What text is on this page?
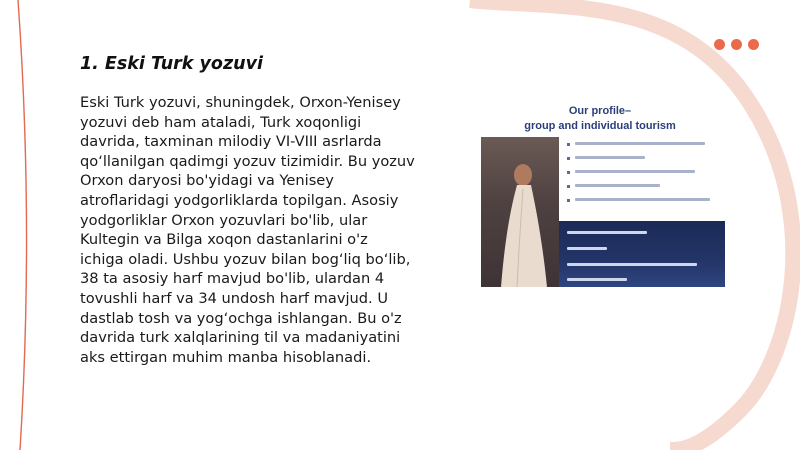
1. Eski Turk yozuvi

Eski Turk yozuvi, shuningdek, Orxon-Yenisey
yozuvi deb ham ataladi, Turk xoqonligi
davrida, taxminan milodiy VI-VIII asrlarda
qo‘llanilgan qadimgi yozuv tizimidir. Bu yozuv
Orxon daryosi bo'yidagi va Yenisey
atroflaridagi yodgorliklarda topilgan. Asosiy
yodgorliklar Orxon yozuvlari bo'lib, ular
Kultegin va Bilga xoqon dastanlarini o'z
ichiga oladi. Ushbu yozuv bilan bog‘liq bo‘lib,
38 ta asosiy harf mavjud bo'lib, ulardan 4
tovushli harf va 34 undosh harf mavjud. U
dastlab tosh va yog‘ochga ishlangan. Bu o'z
davrida turk xalqlarining til va madaniyatini
aks ettirgan muhim manba hisoblanadi.

Our profile–
group and individual tourism
